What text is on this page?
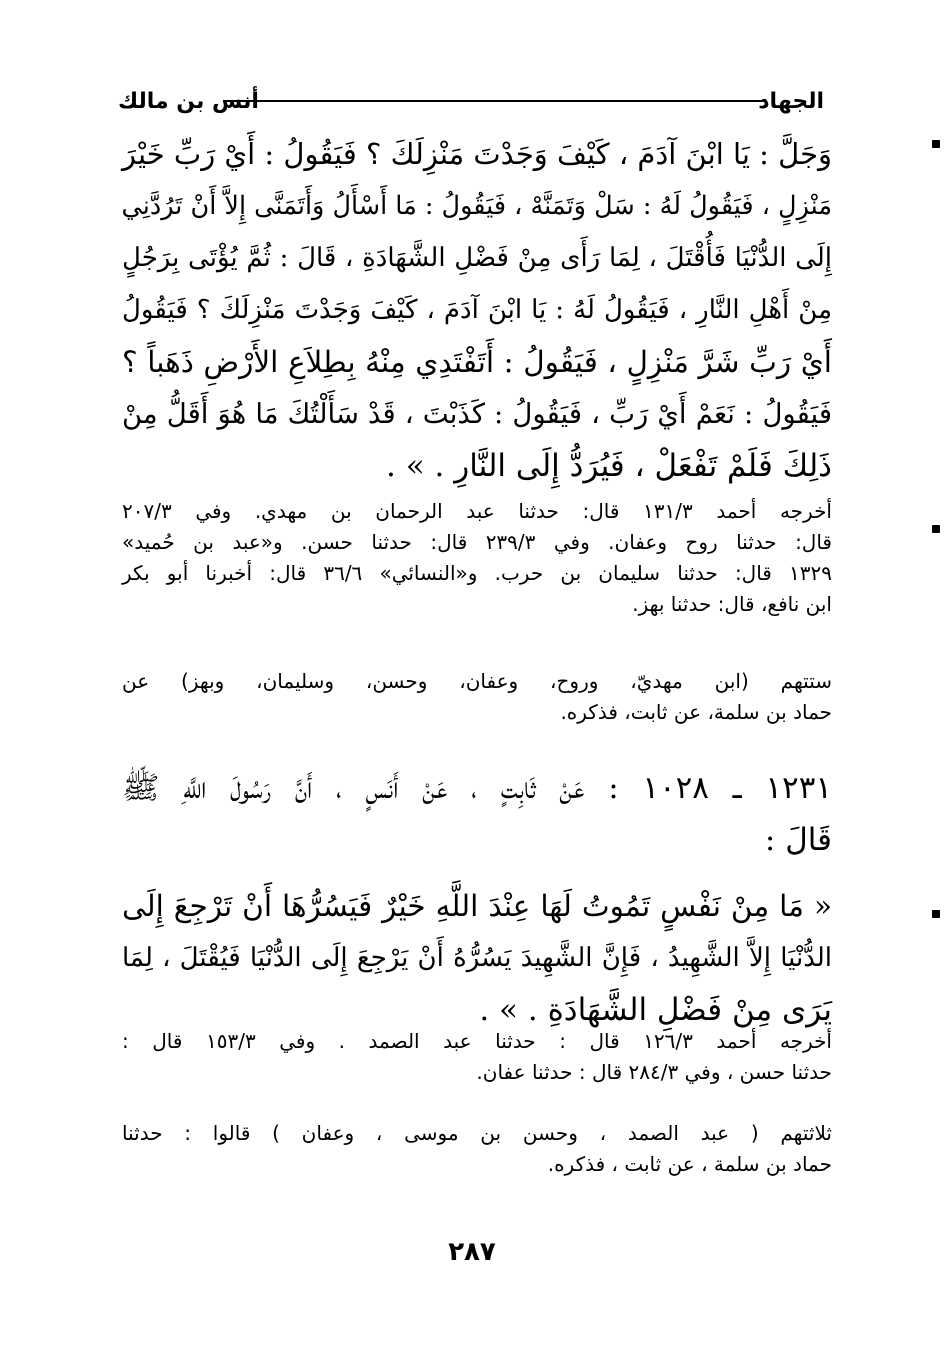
الجهاد
أنس بن مالك
وَجَلَّ : يَا ابْنَ آدَمَ ، كَيْفَ وَجَدْتَ مَنْزِلَكَ ؟ فَيَقُولُ : أَيْ رَبِّ خَيْرَ
مَنْزِلٍ ، فَيَقُولُ لَهُ : سَلْ وَتَمَنَّهْ ، فَيَقُولُ : مَا أَسْأَلُ وَأَتَمَنَّى إِلاَّ أَنْ تَرُدَّنِي
إِلَى الدُّنْيَا فَأُقْتَلَ ، لِمَا رَأَى مِنْ فَضْلِ الشَّهَادَةِ ، قَالَ : ثُمَّ يُؤْتَى بِرَجُلٍ
مِنْ أَهْلِ النَّارِ ، فَيَقُولُ لَهُ : يَا ابْنَ آدَمَ ، كَيْفَ وَجَدْتَ مَنْزِلَكَ ؟ فَيَقُولُ
أَيْ رَبِّ شَرَّ مَنْزِلٍ ، فَيَقُولُ : أَتَفْتَدِي مِنْهُ بِطِلاَعِ الأَرْضِ ذَهَباً ؟
فَيَقُولُ : نَعَمْ أَيْ رَبِّ ، فَيَقُولُ : كَذَبْتَ ، قَدْ سَأَلْتُكَ مَا هُوَ أَقَلُّ مِنْ
ذَلِكَ فَلَمْ تَفْعَلْ ، فَيُرَدُّ إِلَى النَّارِ . » .
أخرجه أحمد ١٣١/٣ قال: حدثنا عبد الرحمان بن مهدي. وفي ٢٠٧/٣
قال: حدثنا روح وعفان. وفي ٢٣٩/٣ قال: حدثنا حسن. و«عبد بن حُميد»
١٣٢٩ قال: حدثنا سليمان بن حرب. و«النسائي» ٣٦/٦ قال: أخبرنا أبو بكر
ابن نافع، قال: حدثنا بهز.
ستتهم (ابن مهديّ، وروح، وعفان، وحسن، وسليمان، وبهز) عن
حماد بن سلمة، عن ثابت، فذكره.
١٢٣١ ـ ١٠٢٨ : عَنْ ثَابِتٍ ، عَنْ أَنَسٍ ، أَنَّ رَسُولَ اللَّهِ ﷺ
قَالَ :
« مَا مِنْ نَفْسٍ تَمُوتُ لَهَا عِنْدَ اللَّهِ خَيْرٌ فَيَسُرُّهَا أَنْ تَرْجِعَ إِلَى
الدُّنْيَا إِلاَّ الشَّهِيدُ ، فَإِنَّ الشَّهِيدَ يَسُرُّهُ أَنْ يَرْجِعَ إِلَى الدُّنْيَا فَيُقْتَلَ ، لِمَا
يَرَى مِنْ فَضْلِ الشَّهَادَةِ . » .
أخرجه أحمد ١٢٦/٣ قال : حدثنا عبد الصمد . وفي ١٥٣/٣ قال :
حدثنا حسن ، وفي ٢٨٤/٣ قال : حدثنا عفان.
ثلاثتهم ( عبد الصمد ، وحسن بن موسى ، وعفان ) قالوا : حدثنا
حماد بن سلمة ، عن ثابت ، فذكره.
٢٨٧
